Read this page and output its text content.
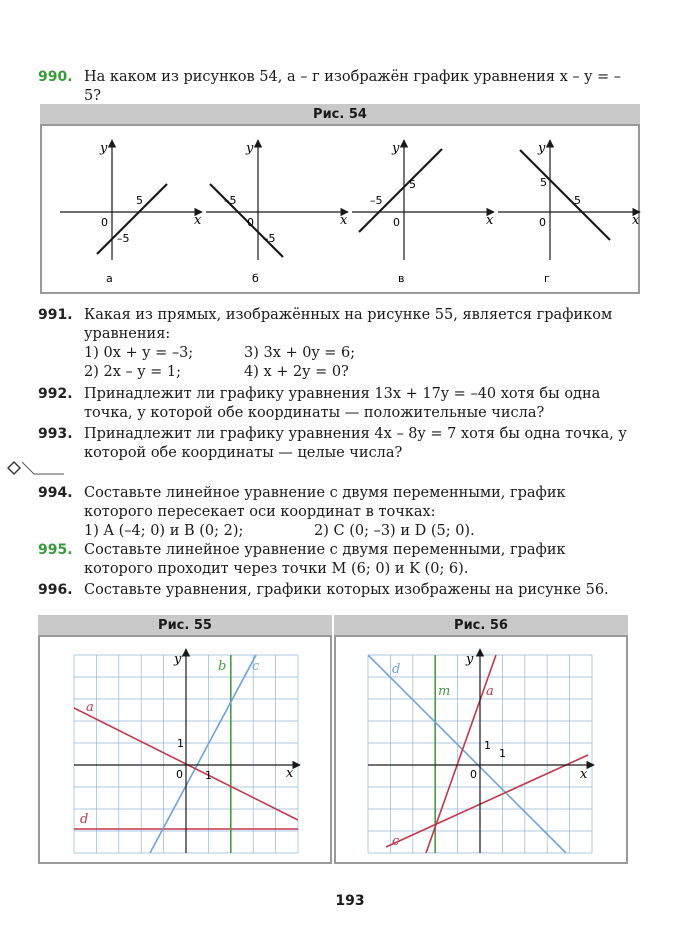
990. На каком из рисунков 54, а – г изображён график уравнения x – y = –5?
Рис. 54
y
x
0
5
–5
а
y
x
0
–5
–5
б
y
x
0
–5
5
в
y
x
0
5
5
г
991. Какая из прямых, изображённых на рисунке 55, является графиком уравнения:
1) 0x + y = –3;	3) 3x + 0y = 6;
2) 2x – y = 1;	4) x + 2y = 0?
992. Принадлежит ли графику уравнения 13x + 17y = –40 хотя бы одна точка, у которой обе координаты — положительные числа?
993. Принадлежит ли графику уравнения 4x – 8y = 7 хотя бы одна точка, у которой обе координаты — целые числа?
994. Составьте линейное уравнение с двумя переменными, график которого пересекает оси координат в точках:
1) A (–4; 0) и B (0; 2);	2) C (0; –3) и D (5; 0).
995. Составьте линейное уравнение с двумя переменными, график которого проходит через точки M (6; 0) и K (0; 6).
996. Составьте уравнения, графики которых изображены на рисунке 56.
Рис. 55	Рис. 56
y
x
0
1
1
a
b c
d
y
x
0
1
1
a
c
d
m
193
